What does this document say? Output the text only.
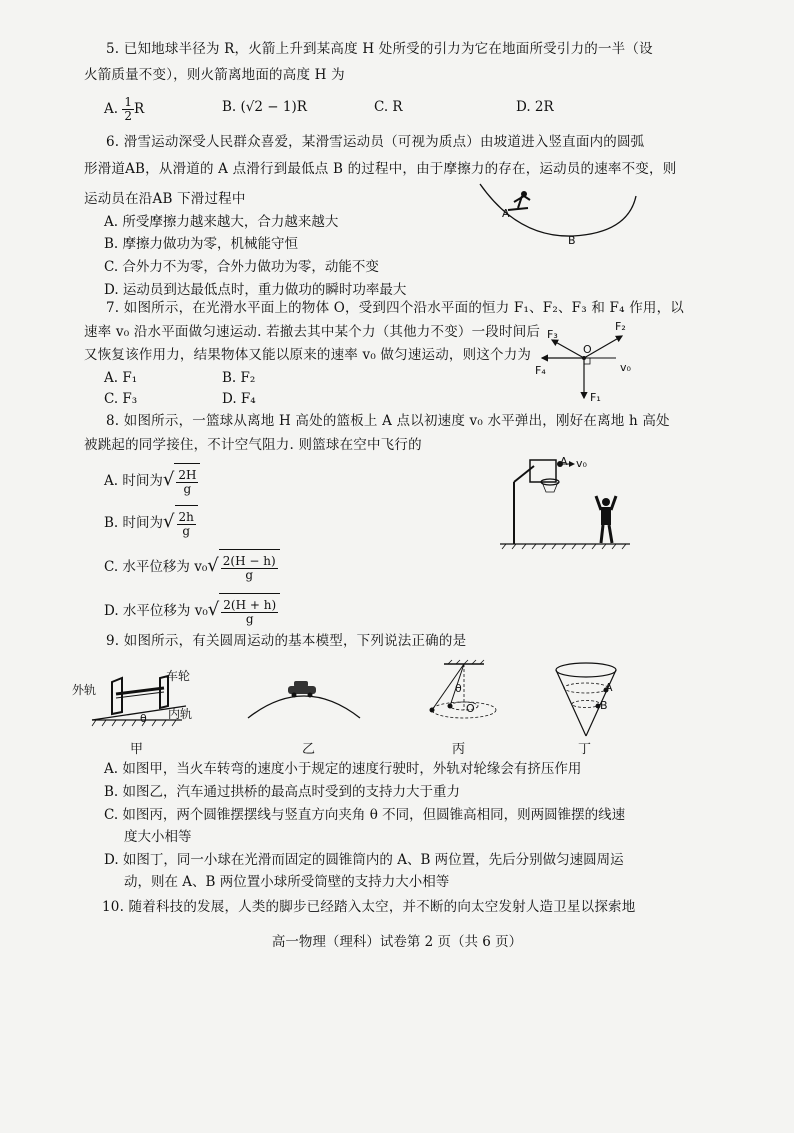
5. 已知地球半径为 R，火箭上升到某高度 H 处所受的引力为它在地面所受引力的一半（设
火箭质量不变），则火箭离地面的高度 H 为
A. $\frac{1}{2}$ R	B. (√2 − 1)R	C. R	D. 2R
6. 滑雪运动深受人民群众喜爱，某滑雪运动员（可视为质点）由坡道进入竖直面内的圆弧
形滑道AB，从滑道的 A 点滑行到最低点 B 的过程中，由于摩擦力的存在，运动员的速率不变，则
运动员在沿AB 下滑过程中
A. 所受摩擦力越来越大，合力越来越大
B. 摩擦力做功为零，机械能守恒
C. 合外力不为零，合外力做功为零，动能不变
D. 运动员到达最低点时，重力做功的瞬时功率最大
A
B
7. 如图所示，在光滑水平面上的物体 O，受到四个沿水平面的恒力 F₁、F₂、F₃ 和 F₄ 作用，以
速率 v₀ 沿水平面做匀速运动. 若撤去其中某个力（其他力不变）一段时间后
又恢复该作用力，结果物体又能以原来的速率 v₀ 做匀速运动，则这个力为
A. F₁	B. F₂
C. F₃	D. F₄
F₃
F₂
O
F₄	v₀
F₁
8. 如图所示，一篮球从离地 H 高处的篮板上 A 点以初速度 v₀ 水平弹出，刚好在离地 h 高处
被跳起的同学接住，不计空气阻力. 则篮球在空中飞行的
A. 时间为√ $\frac{2H}{g}$
B. 时间为√ $\frac{2h}{g}$
C. 水平位移为 $v_0√ \frac{2(H - h)}{g}$
D. 水平位移为 $v_0√ \frac{2(H + h)}{g}$
A v₀
9. 如图所示，有关圆周运动的基本模型，下列说法正确的是
外轨
车轮
内轨
θ
θ
O
A
B
甲	乙	丙	丁
A. 如图甲，当火车转弯的速度小于规定的速度行驶时，外轨对轮缘会有挤压作用
B. 如图乙，汽车通过拱桥的最高点时受到的支持力大于重力
C. 如图丙，两个圆锥摆摆线与竖直方向夹角 θ 不同，但圆锥高相同，则两圆锥摆的线速
度大小相等
D. 如图丁，同一小球在光滑而固定的圆锥筒内的 A、B 两位置，先后分别做匀速圆周运
动，则在 A、B 两位置小球所受筒壁的支持力大小相等
10. 随着科技的发展，人类的脚步已经踏入太空，并不断的向太空发射人造卫星以探索地
高一物理（理科）试卷第 2 页（共 6 页）
